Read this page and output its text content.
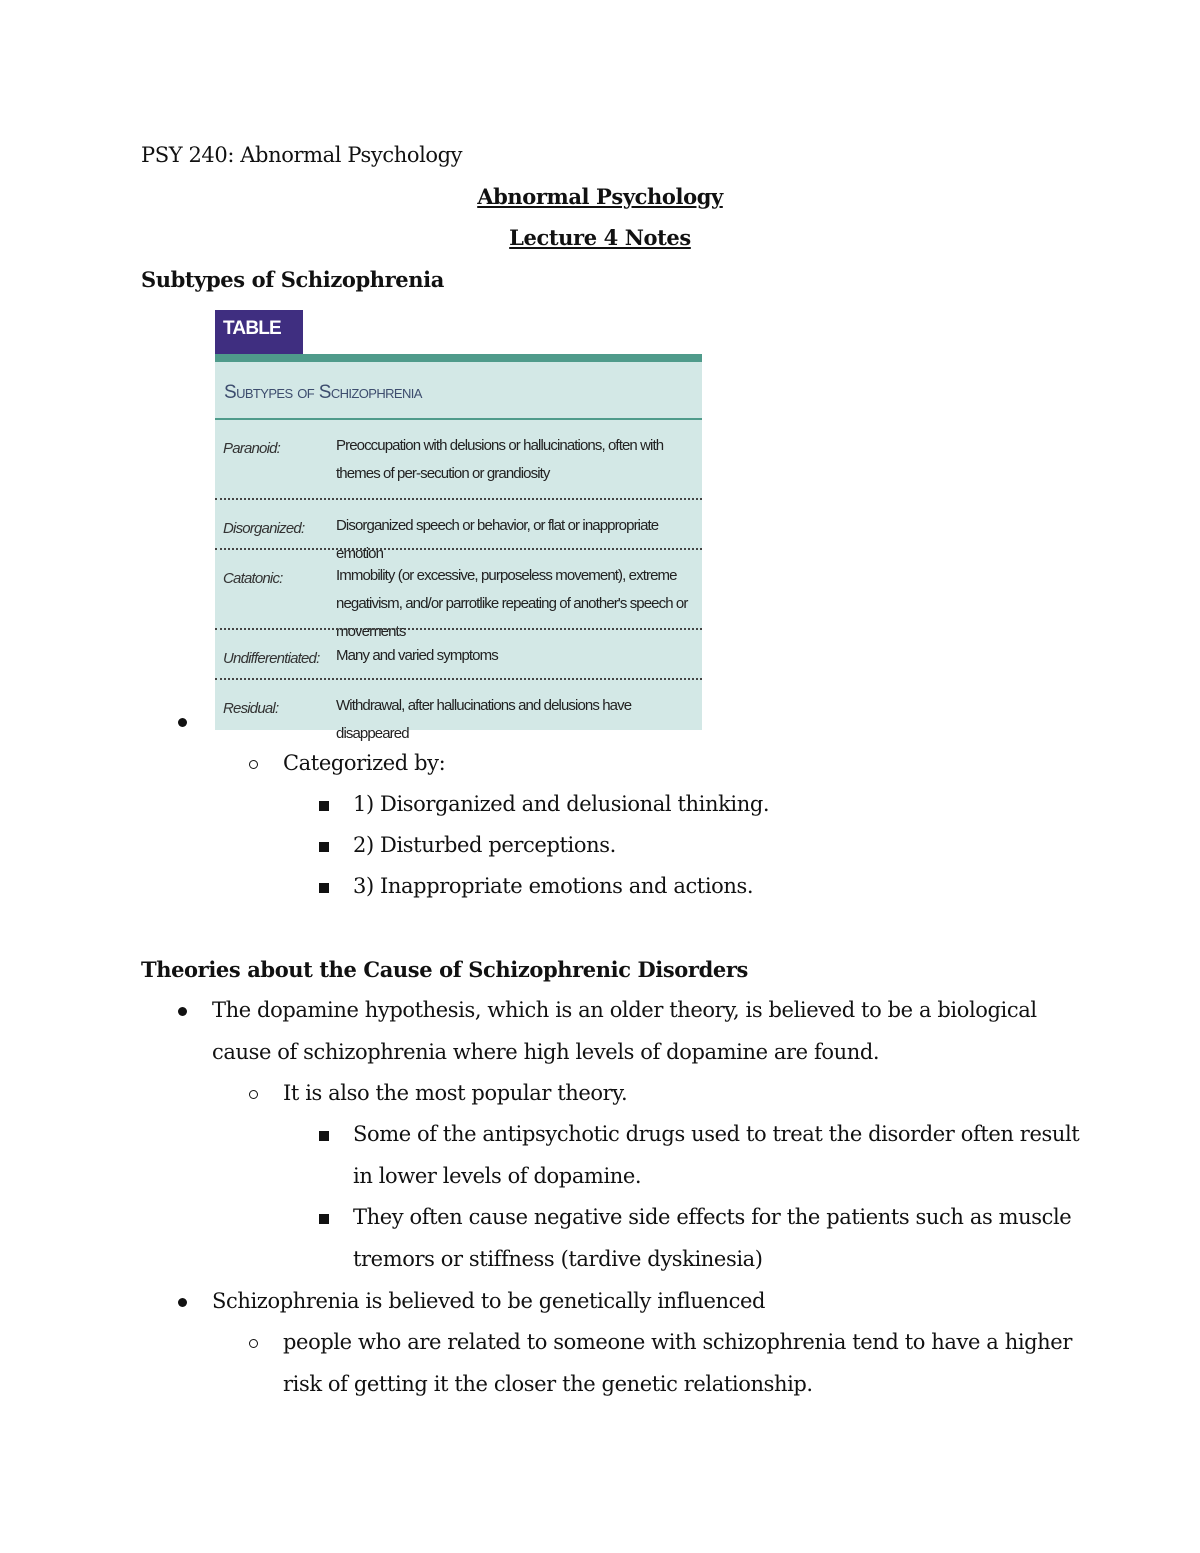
PSY 240: Abnormal Psychology
Abnormal Psychology
Lecture 4 Notes
Subtypes of Schizophrenia
TABLE
Subtypes of Schizophrenia
Paranoid:	Preoccupation with delusions or hallucinations, often with themes of per-secution or grandiosity
Disorganized: Disorganized speech or behavior, or flat or inappropriate emotion
Catatonic:	Immobility (or excessive, purposeless movement), extreme negativism, and/or parrotlike repeating of another's speech or movements
Undifferentiated: Many and varied symptoms
Residual:	Withdrawal, after hallucinations and delusions have disappeared
Categorized by:
1) Disorganized and delusional thinking.
2) Disturbed perceptions.
3) Inappropriate emotions and actions.
Theories about the Cause of Schizophrenic Disorders
The dopamine hypothesis, which is an older theory, is believed to be a biological
cause of schizophrenia where high levels of dopamine are found.
It is also the most popular theory.
Some of the antipsychotic drugs used to treat the disorder often result
in lower levels of dopamine.
They often cause negative side effects for the patients such as muscle
tremors or stiffness (tardive dyskinesia)
Schizophrenia is believed to be genetically influenced
people who are related to someone with schizophrenia tend to have a higher
risk of getting it the closer the genetic relationship.
